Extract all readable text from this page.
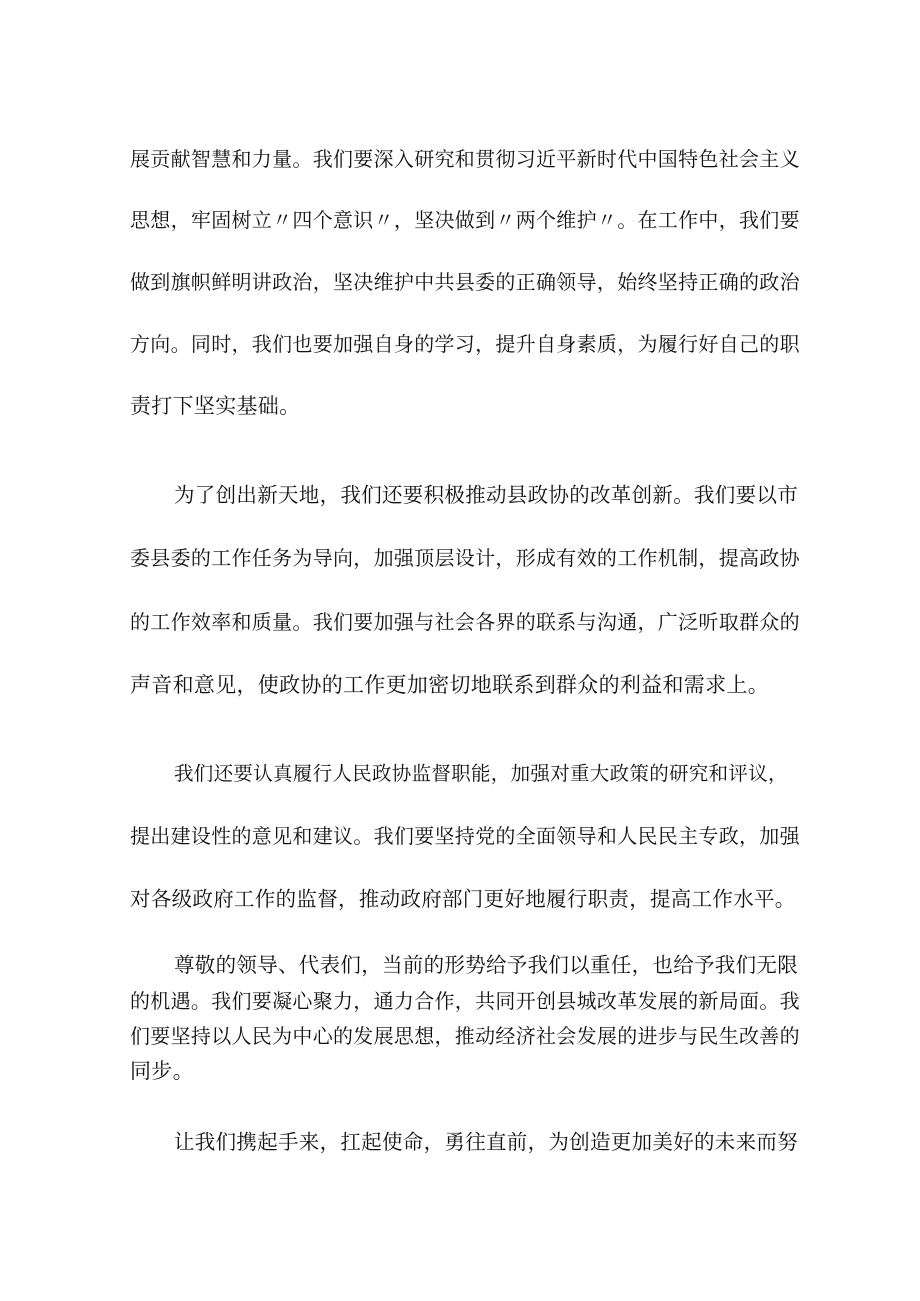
展贡献智慧和力量。我们要深入研究和贯彻习近平新时代中国特色社会主义

思想，牢固树立〃四个意识〃，坚决做到〃两个维护〃。在工作中，我们要

做到旗帜鲜明讲政治，坚决维护中共县委的正确领导，始终坚持正确的政治

方向。同时，我们也要加强自身的学习，提升自身素质，为履行好自己的职

责打下坚实基础。

为了创出新天地，我们还要积极推动县政协的改革创新。我们要以市

委县委的工作任务为导向，加强顶层设计，形成有效的工作机制，提高政协

的工作效率和质量。我们要加强与社会各界的联系与沟通，广泛听取群众的

声音和意见，使政协的工作更加密切地联系到群众的利益和需求上。

我们还要认真履行人民政协监督职能，加强对重大政策的研究和评议，

提出建设性的意见和建议。我们要坚持党的全面领导和人民民主专政，加强

对各级政府工作的监督，推动政府部门更好地履行职责，提高工作水平。

尊敬的领导、代表们，当前的形势给予我们以重任，也给予我们无限

的机遇。我们要凝心聚力，通力合作，共同开创县城改革发展的新局面。我

们要坚持以人民为中心的发展思想，推动经济社会发展的进步与民生改善的

同步。

让我们携起手来，扛起使命，勇往直前，为创造更加美好的未来而努
